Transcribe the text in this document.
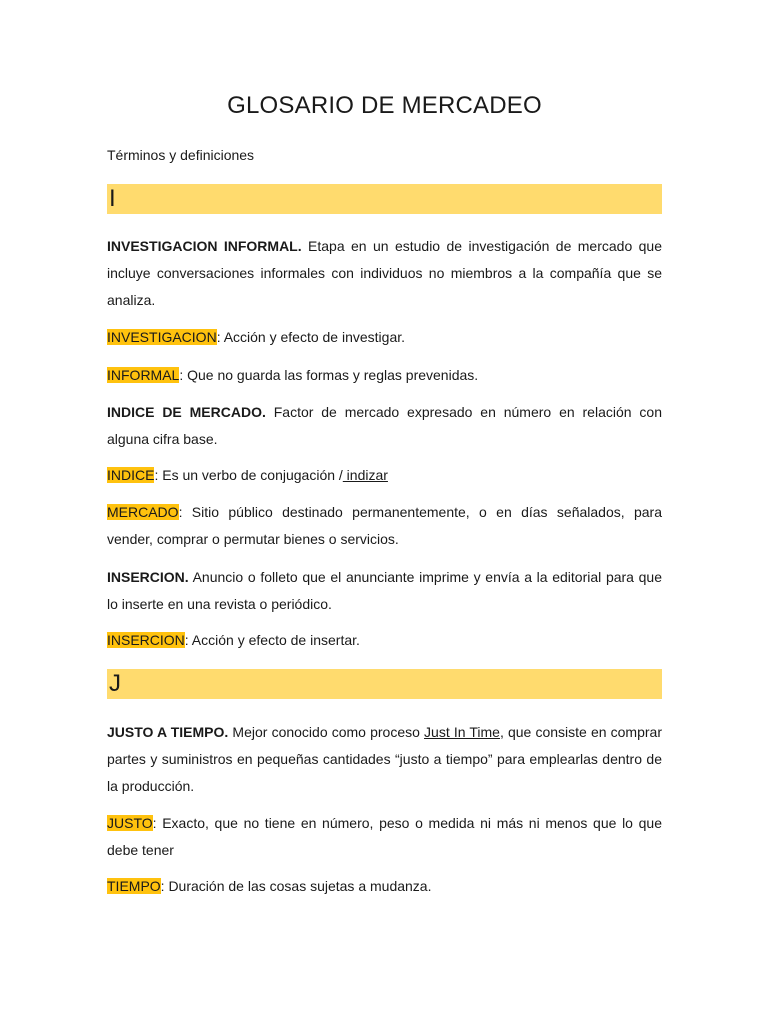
GLOSARIO DE MERCADEO

Términos y definiciones

I

INVESTIGACION INFORMAL. Etapa en un estudio de investigación de mercado que incluye conversaciones informales con individuos no miembros a la compañía que se analiza.

INVESTIGACION: Acción y efecto de investigar.

INFORMAL: Que no guarda las formas y reglas prevenidas.

INDICE DE MERCADO. Factor de mercado expresado en número en relación con alguna cifra base.

INDICE: Es un verbo de conjugación / indizar

MERCADO: Sitio público destinado permanentemente, o en días señalados, para vender, comprar o permutar bienes o servicios.

INSERCION. Anuncio o folleto que el anunciante imprime y envía a la editorial para que lo inserte en una revista o periódico.

INSERCION: Acción y efecto de insertar.

J

JUSTO A TIEMPO. Mejor conocido como proceso Just In Time, que consiste en comprar partes y suministros en pequeñas cantidades “justo a tiempo” para emplearlas dentro de la producción.

JUSTO: Exacto, que no tiene en número, peso o medida ni más ni menos que lo que debe tener

TIEMPO: Duración de las cosas sujetas a mudanza.
